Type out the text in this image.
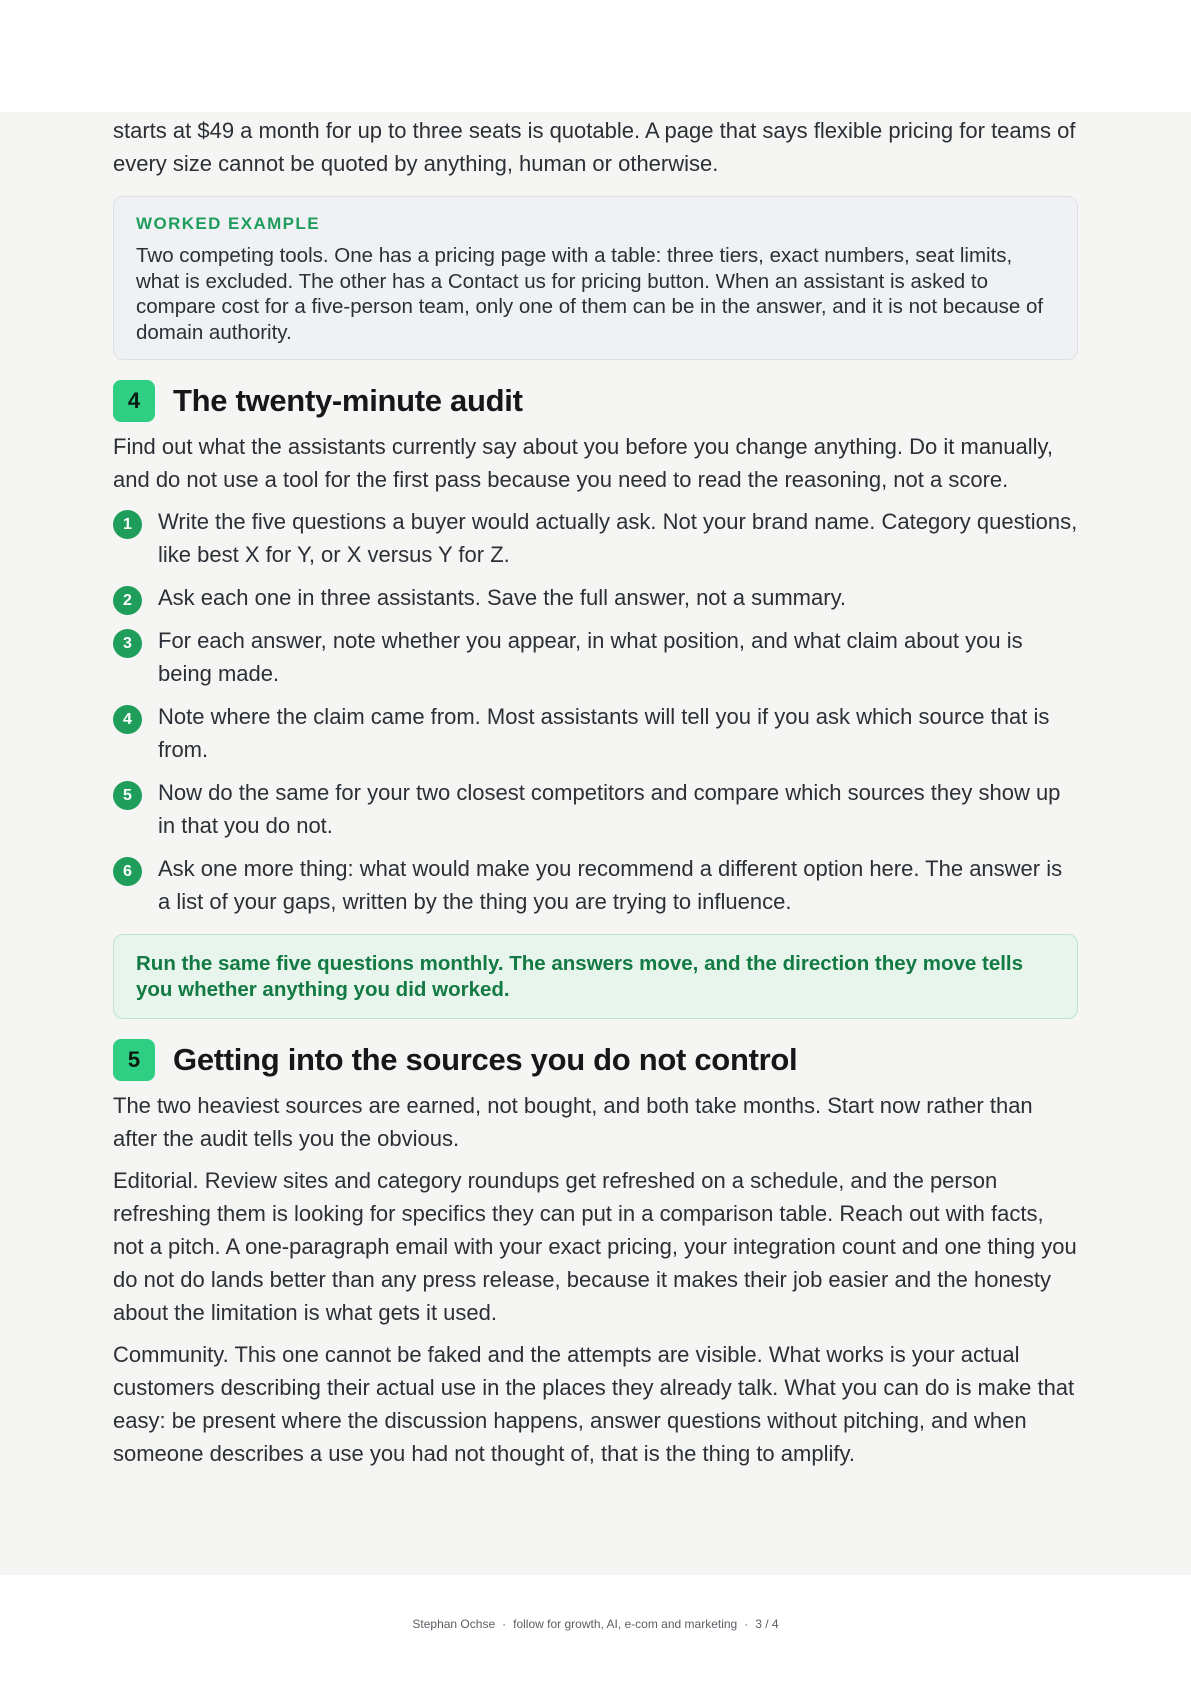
starts at $49 a month for up to three seats is quotable. A page that says flexible pricing for teams of every size cannot be quoted by anything, human or otherwise.

WORKED EXAMPLE
Two competing tools. One has a pricing page with a table: three tiers, exact numbers, seat limits, what is excluded. The other has a Contact us for pricing button. When an assistant is asked to compare cost for a five-person team, only one of them can be in the answer, and it is not because of domain authority.
4	The twenty-minute audit

Find out what the assistants currently say about you before you change anything. Do it manually, and do not use a tool for the first pass because you need to read the reasoning, not a score.

1	Write the five questions a buyer would actually ask. Not your brand name. Category questions, like best X for Y, or X versus Y for Z.
2	Ask each one in three assistants. Save the full answer, not a summary.
3	For each answer, note whether you appear, in what position, and what claim about you is being made.
4	Note where the claim came from. Most assistants will tell you if you ask which source that is from.
5	Now do the same for your two closest competitors and compare which sources they show up in that you do not.
6	Ask one more thing: what would make you recommend a different option here. The answer is a list of your gaps, written by the thing you are trying to influence.
Run the same five questions monthly. The answers move, and the direction they move tells you whether anything you did worked.
5	Getting into the sources you do not control

The two heaviest sources are earned, not bought, and both take months. Start now rather than after the audit tells you the obvious.

Editorial. Review sites and category roundups get refreshed on a schedule, and the person refreshing them is looking for specifics they can put in a comparison table. Reach out with facts, not a pitch. A one-paragraph email with your exact pricing, your integration count and one thing you do not do lands better than any press release, because it makes their job easier and the honesty about the limitation is what gets it used.

Community. This one cannot be faked and the attempts are visible. What works is your actual customers describing their actual use in the places they already talk. What you can do is make that easy: be present where the discussion happens, answer questions without pitching, and when someone describes a use you had not thought of, that is the thing to amplify.

Stephan Ochse · follow for growth, AI, e-com and marketing · 3 / 4
